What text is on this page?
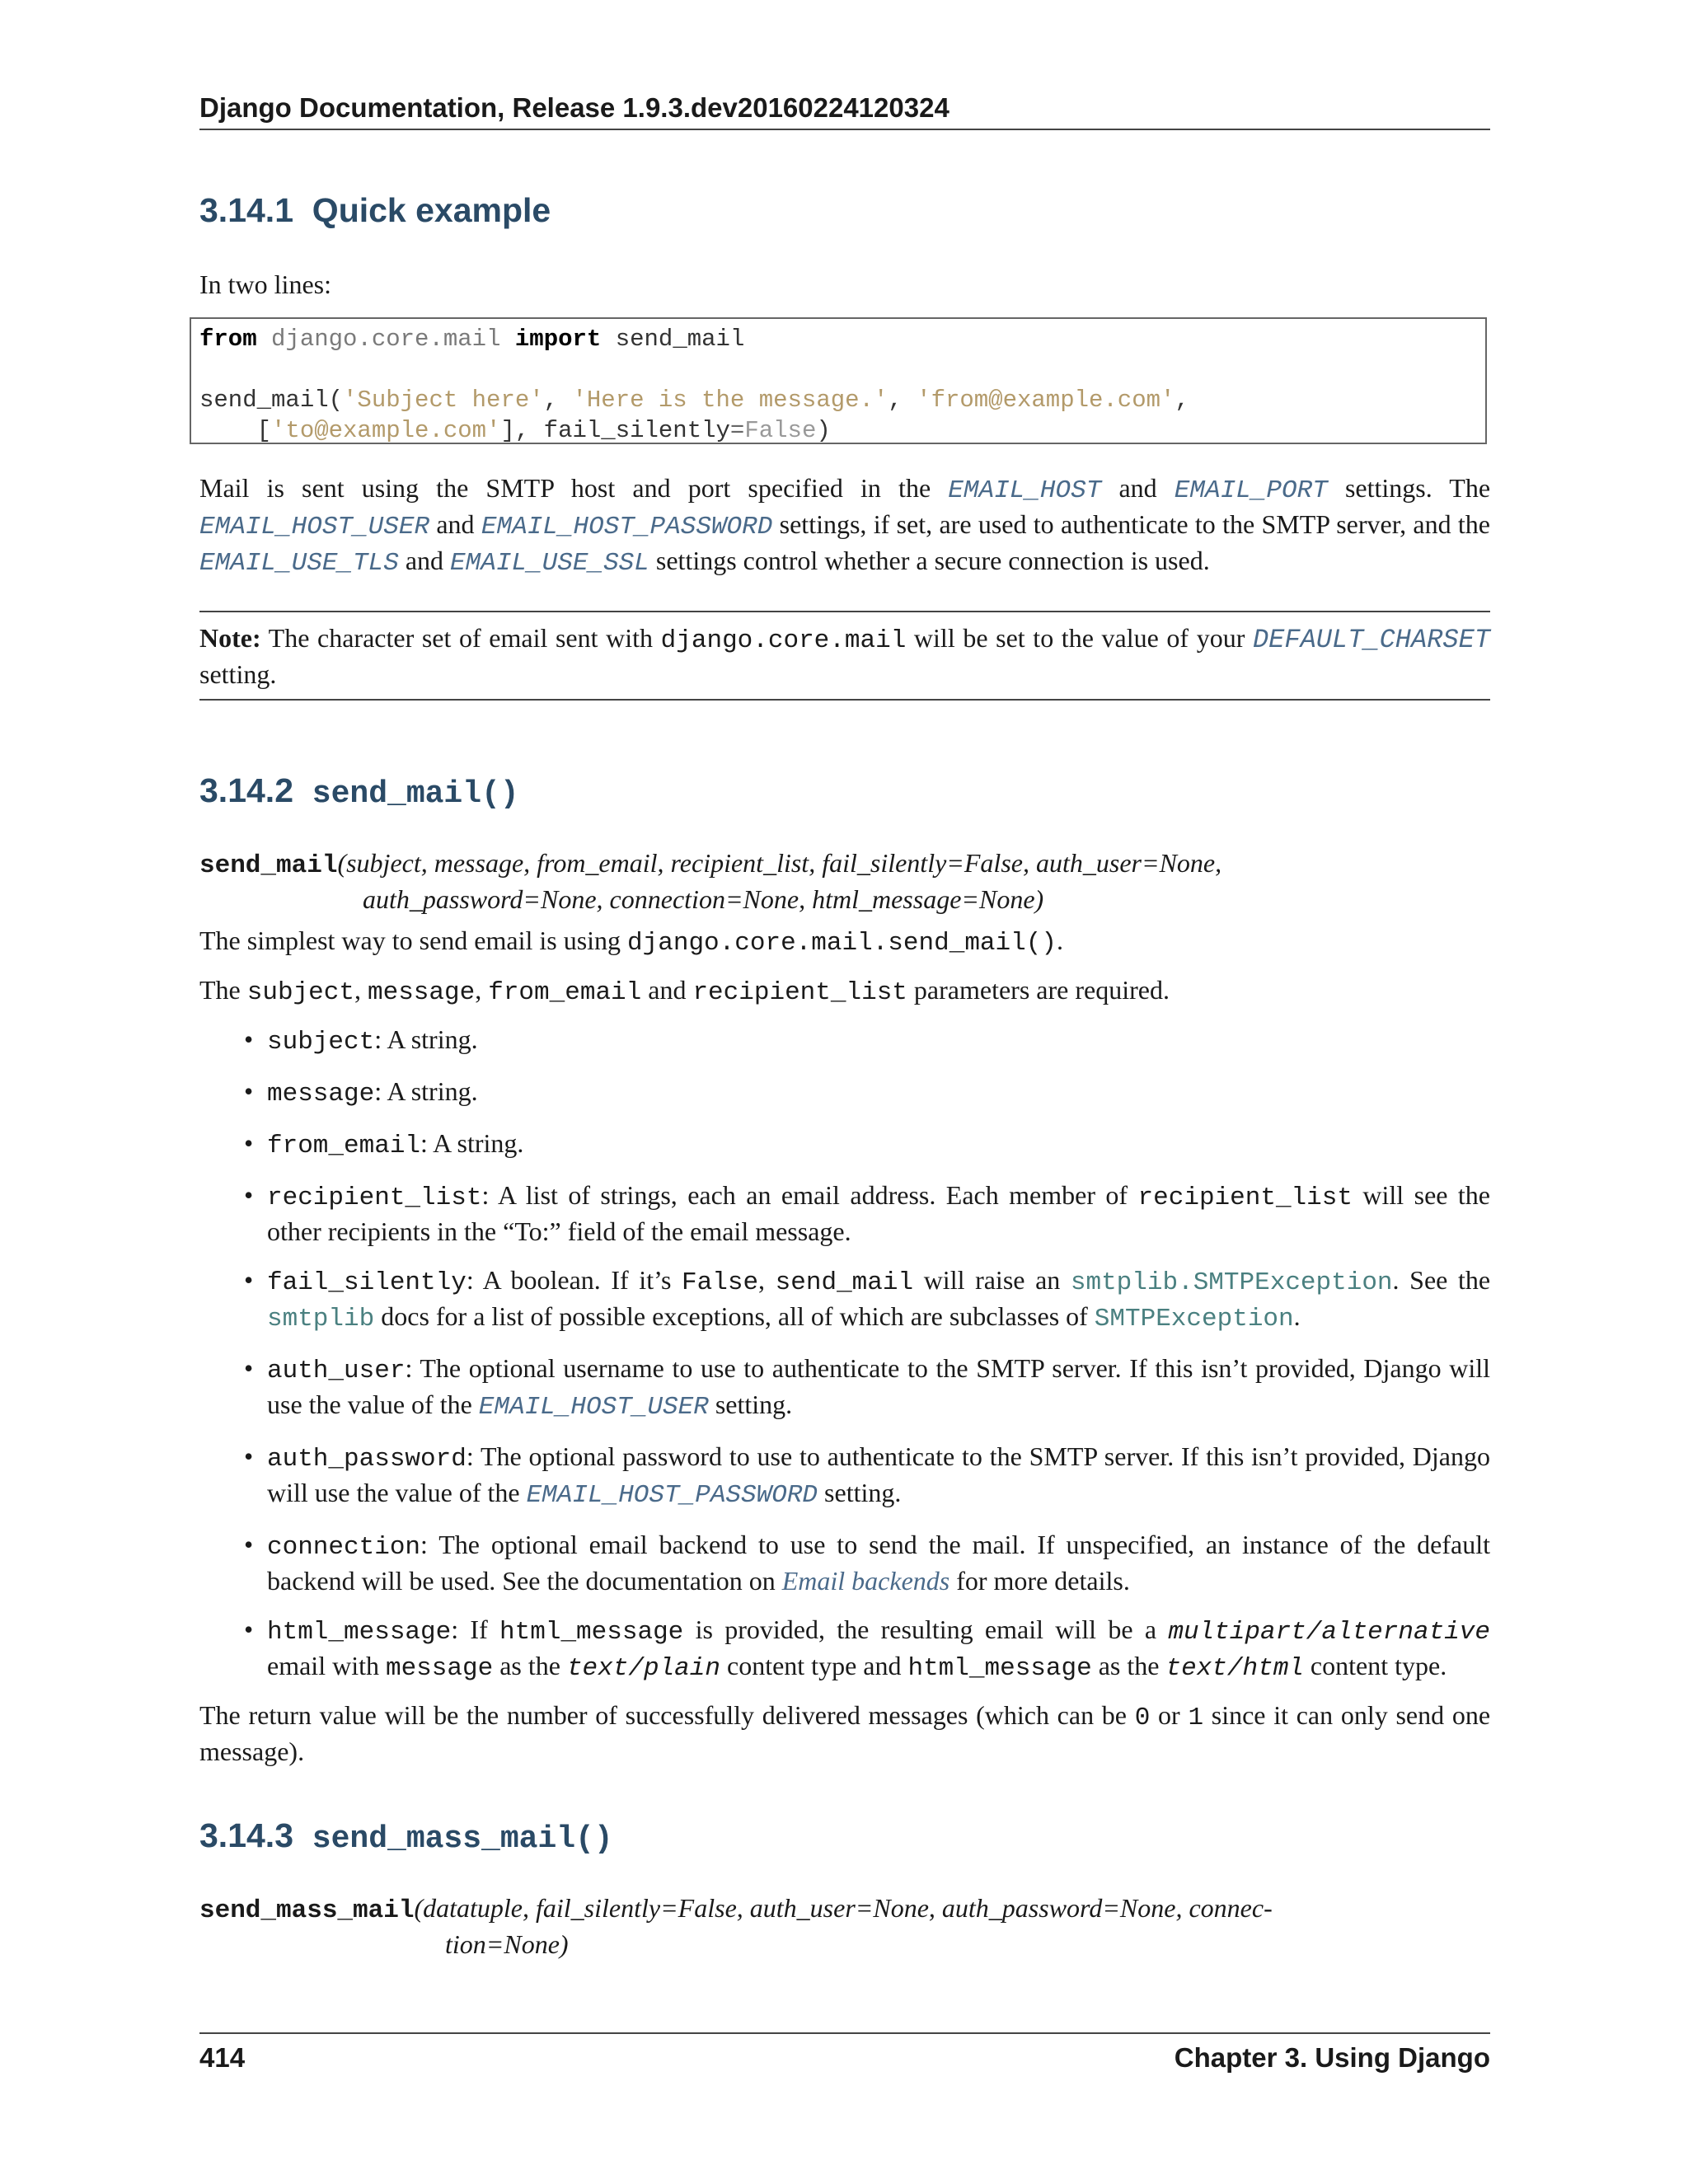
Django Documentation, Release 1.9.3.dev20160224120324
3.14.1 Quick example
In two lines:
from django.core.mail import send_mail

send_mail('Subject here', 'Here is the message.', 'from@example.com',
['to@example.com'], fail_silently=False)
Mail is sent using the SMTP host and port specified in the EMAIL_HOST and EMAIL_PORT settings. The EMAIL_HOST_USER and EMAIL_HOST_PASSWORD settings, if set, are used to authenticate to the SMTP server, and the EMAIL_USE_TLS and EMAIL_USE_SSL settings control whether a secure connection is used.
Note: The character set of email sent with django.core.mail will be set to the value of your DEFAULT_CHARSET setting.
3.14.2 send_mail()
send_mail(subject, message, from_email, recipient_list, fail_silently=False, auth_user=None,
auth_password=None, connection=None, html_message=None)
The simplest way to send email is using django.core.mail.send_mail().
The subject, message, from_email and recipient_list parameters are required.
• subject: A string.
• message: A string.
• from_email: A string.
• recipient_list: A list of strings, each an email address. Each member of recipient_list will see the other recipients in the “To:” field of the email message.
• fail_silently: A boolean. If it’s False, send_mail will raise an smtplib.SMTPException. See the smtplib docs for a list of possible exceptions, all of which are subclasses of SMTPException.
• auth_user: The optional username to use to authenticate to the SMTP server. If this isn’t provided, Django will use the value of the EMAIL_HOST_USER setting.
• auth_password: The optional password to use to authenticate to the SMTP server. If this isn’t provided, Django will use the value of the EMAIL_HOST_PASSWORD setting.
• connection: The optional email backend to use to send the mail. If unspecified, an instance of the default backend will be used. See the documentation on Email backends for more details.
• html_message: If html_message is provided, the resulting email will be a multipart/alternative email with message as the text/plain content type and html_message as the text/html content type.
The return value will be the number of successfully delivered messages (which can be 0 or 1 since it can only send one message).
3.14.3 send_mass_mail()
send_mass_mail(datatuple, fail_silently=False, auth_user=None, auth_password=None, connec-
tion=None)
414	Chapter 3. Using Django
